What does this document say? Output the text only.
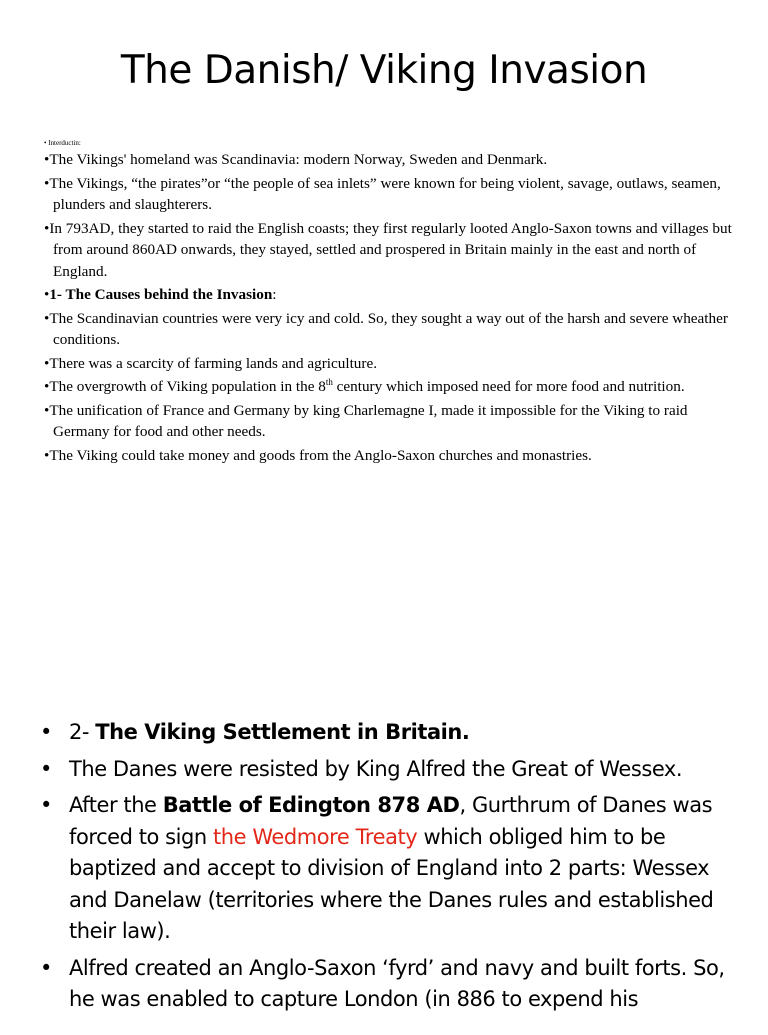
The Danish/ Viking Invasion
• Interductin:
•The Vikings' homeland was Scandinavia: modern Norway, Sweden and Denmark.
•The Vikings, “the pirates”or “the people of sea inlets” were known for being violent, savage, outlaws, seamen, plunders and slaughterers.
•In 793AD, they started to raid the English coasts; they first regularly looted Anglo-Saxon towns and villages but from around 860AD onwards, they stayed, settled and prospered in Britain mainly in the east and north of England.
•1- The Causes behind the Invasion:
•The Scandinavian countries were very icy and cold. So, they sought a way out of the harsh and severe wheather conditions.
•There was a scarcity of farming lands and agriculture.
•The overgrowth of Viking population in the 8th century which imposed need for more food and nutrition.
•The unification of France and Germany by king Charlemagne I, made it impossible for the Viking to raid Germany for food and other needs.
•The Viking could take money and goods from the Anglo-Saxon churches and monastries.
• 2- The Viking Settlement in Britain.
• The Danes were resisted by King Alfred the Great of Wessex.
• After the Battle of Edington 878 AD, Gurthrum of Danes was forced to sign the Wedmore Treaty which obliged him to be baptized and accept to division of England into 2 parts: Wessex and Danelaw (territories where the Danes rules and established their law).
• Alfred created an Anglo-Saxon ‘fyrd’ and navy and built forts. So, he was enabled to capture London (in 886 to expend his
